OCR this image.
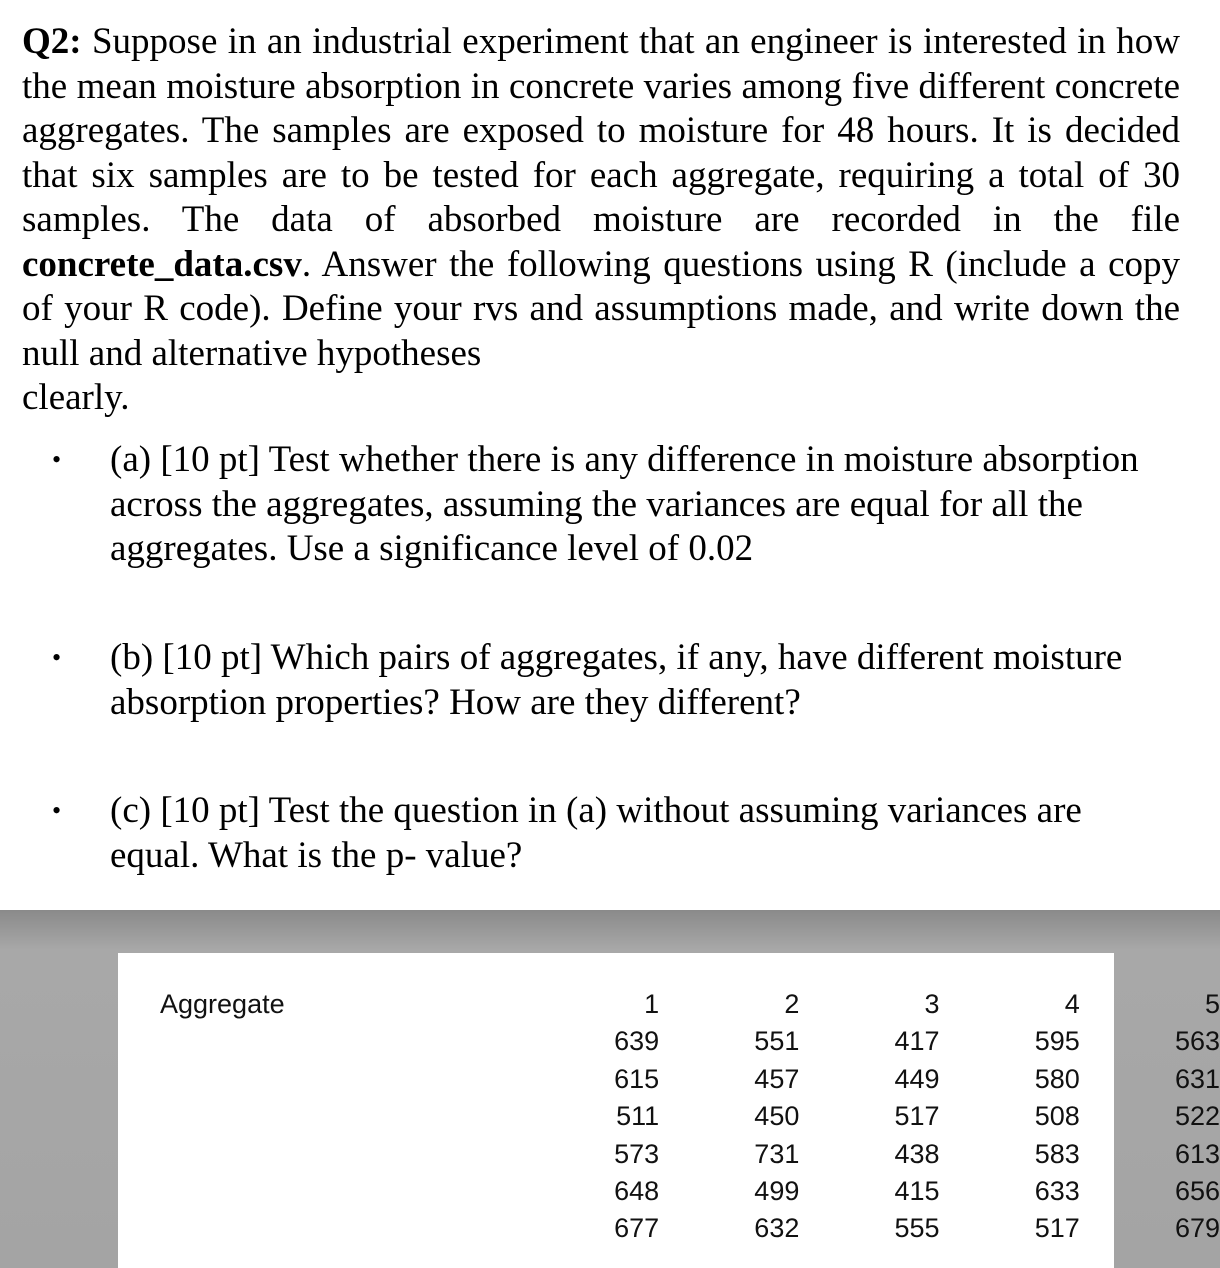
Q2: Suppose in an industrial experiment that an engineer is interested in how the mean moisture absorption in concrete varies among five different concrete aggregates. The samples are exposed to moisture for 48 hours. It is decided that six samples are to be tested for each aggregate, requiring a total of 30 samples. The data of absorbed moisture are recorded in the file concrete_data.csv. Answer the following questions using R (include a copy of your R code). Define your rvs and assumptions made, and write down the null and alternative hypotheses
clearly.
• (a) [10 pt] Test whether there is any difference in moisture absorption across the aggregates, assuming the variances are equal for all the aggregates. Use a significance level of 0.02
• (b) [10 pt] Which pairs of aggregates, if any, have different moisture absorption properties? How are they different?
• (c) [10 pt] Test the question in (a) without assuming variances are equal. What is the p- value?
Aggregate	1	2	3	4	5
	639	551	417	595	563
	615	457	449	580	631
	511	450	517	508	522
	573	731	438	583	613
	648	499	415	633	656
	677	632	555	517	679
